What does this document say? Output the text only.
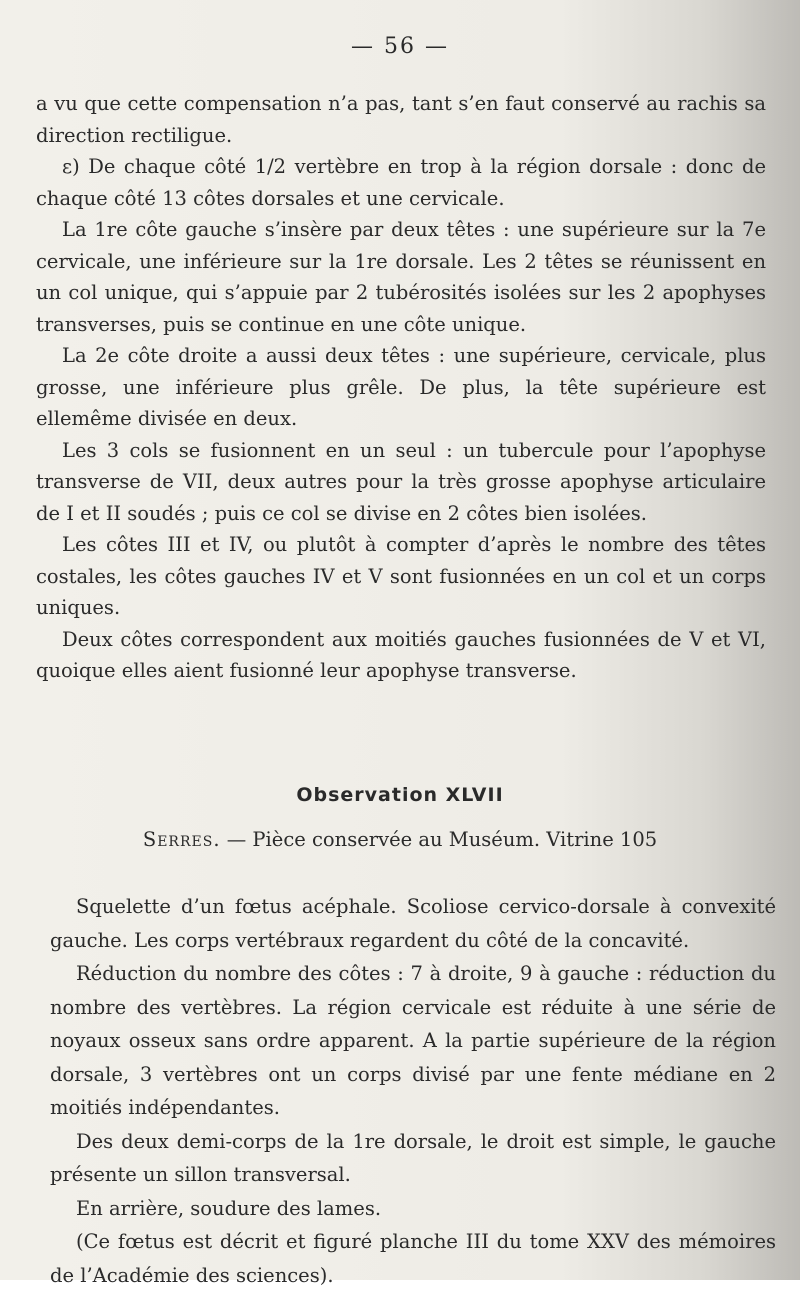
— 56 —

a vu que cette compensation n’a pas, tant s’en faut conservé au rachis sa direction rectiligue.

ε) De chaque côté 1/2 vertèbre en trop à la région dorsale : donc de chaque côté 13 côtes dorsales et une cervicale.

La 1re côte gauche s’insère par deux têtes : une supérieure sur la 7e cervicale, une inférieure sur la 1re dorsale. Les 2 têtes se réunissent en un col unique, qui s’appuie par 2 tubérosités isolées sur les 2 apophyses transverses, puis se continue en une côte unique.

La 2e côte droite a aussi deux têtes : une supérieure, cervicale, plus grosse, une inférieure plus grêle. De plus, la tête supérieure est ellemême divisée en deux.

Les 3 cols se fusionnent en un seul : un tubercule pour l’apophyse transverse de VII, deux autres pour la très grosse apophyse articulaire de I et II soudés ; puis ce col se divise en 2 côtes bien isolées.

Les côtes III et IV, ou plutôt à compter d’après le nombre des têtes costales, les côtes gauches IV et V sont fusionnées en un col et un corps uniques.

Deux côtes correspondent aux moitiés gauches fusionnées de V et VI, quoique elles aient fusionné leur apophyse transverse.

Observation XLVII
Serres. — Pièce conservée au Muséum. Vitrine 105

Squelette d’un fœtus acéphale. Scoliose cervico-dorsale à convexité gauche. Les corps vertébraux regardent du côté de la concavité.

Réduction du nombre des côtes : 7 à droite, 9 à gauche : réduction du nombre des vertèbres. La région cervicale est réduite à une série de noyaux osseux sans ordre apparent. A la partie supérieure de la région dorsale, 3 vertèbres ont un corps divisé par une fente médiane en 2 moitiés indépendantes.

Des deux demi-corps de la 1re dorsale, le droit est simple, le gauche présente un sillon transversal.

En arrière, soudure des lames.

(Ce fœtus est décrit et figuré planche III du tome XXV des mémoires de l’Académie des sciences).
